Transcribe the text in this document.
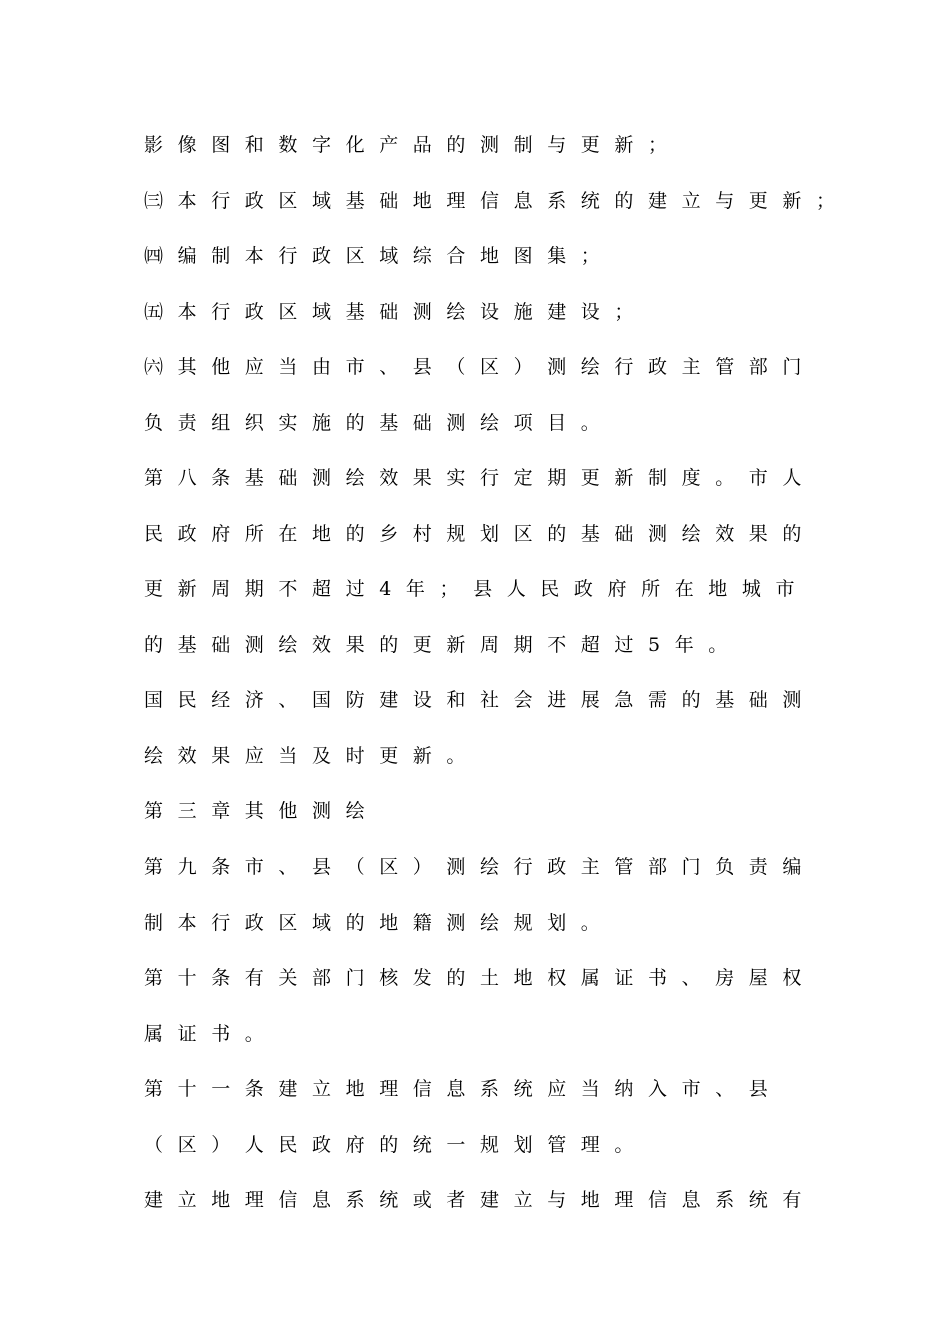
影像图和数字化产品的测制与更新；

㈢本行政区域基础地理信息系统的建立与更新；

㈣编制本行政区域综合地图集；

㈤本行政区域基础测绘设施建设；

㈥其他应当由市、县（区）测绘行政主管部门

负责组织实施的基础测绘项目。

第八条基础测绘效果实行定期更新制度。市人

民政府所在地的乡村规划区的基础测绘效果的

更新周期不超过4年；县人民政府所在地城市

的基础测绘效果的更新周期不超过5年。

国民经济、国防建设和社会进展急需的基础测

绘效果应当及时更新。

第三章其他测绘

第九条市、县（区）测绘行政主管部门负责编

制本行政区域的地籍测绘规划。

第十条有关部门核发的土地权属证书、房屋权

属证书。

第十一条建立地理信息系统应当纳入市、县

（区）人民政府的统一规划管理。

建立地理信息系统或者建立与地理信息系统有
